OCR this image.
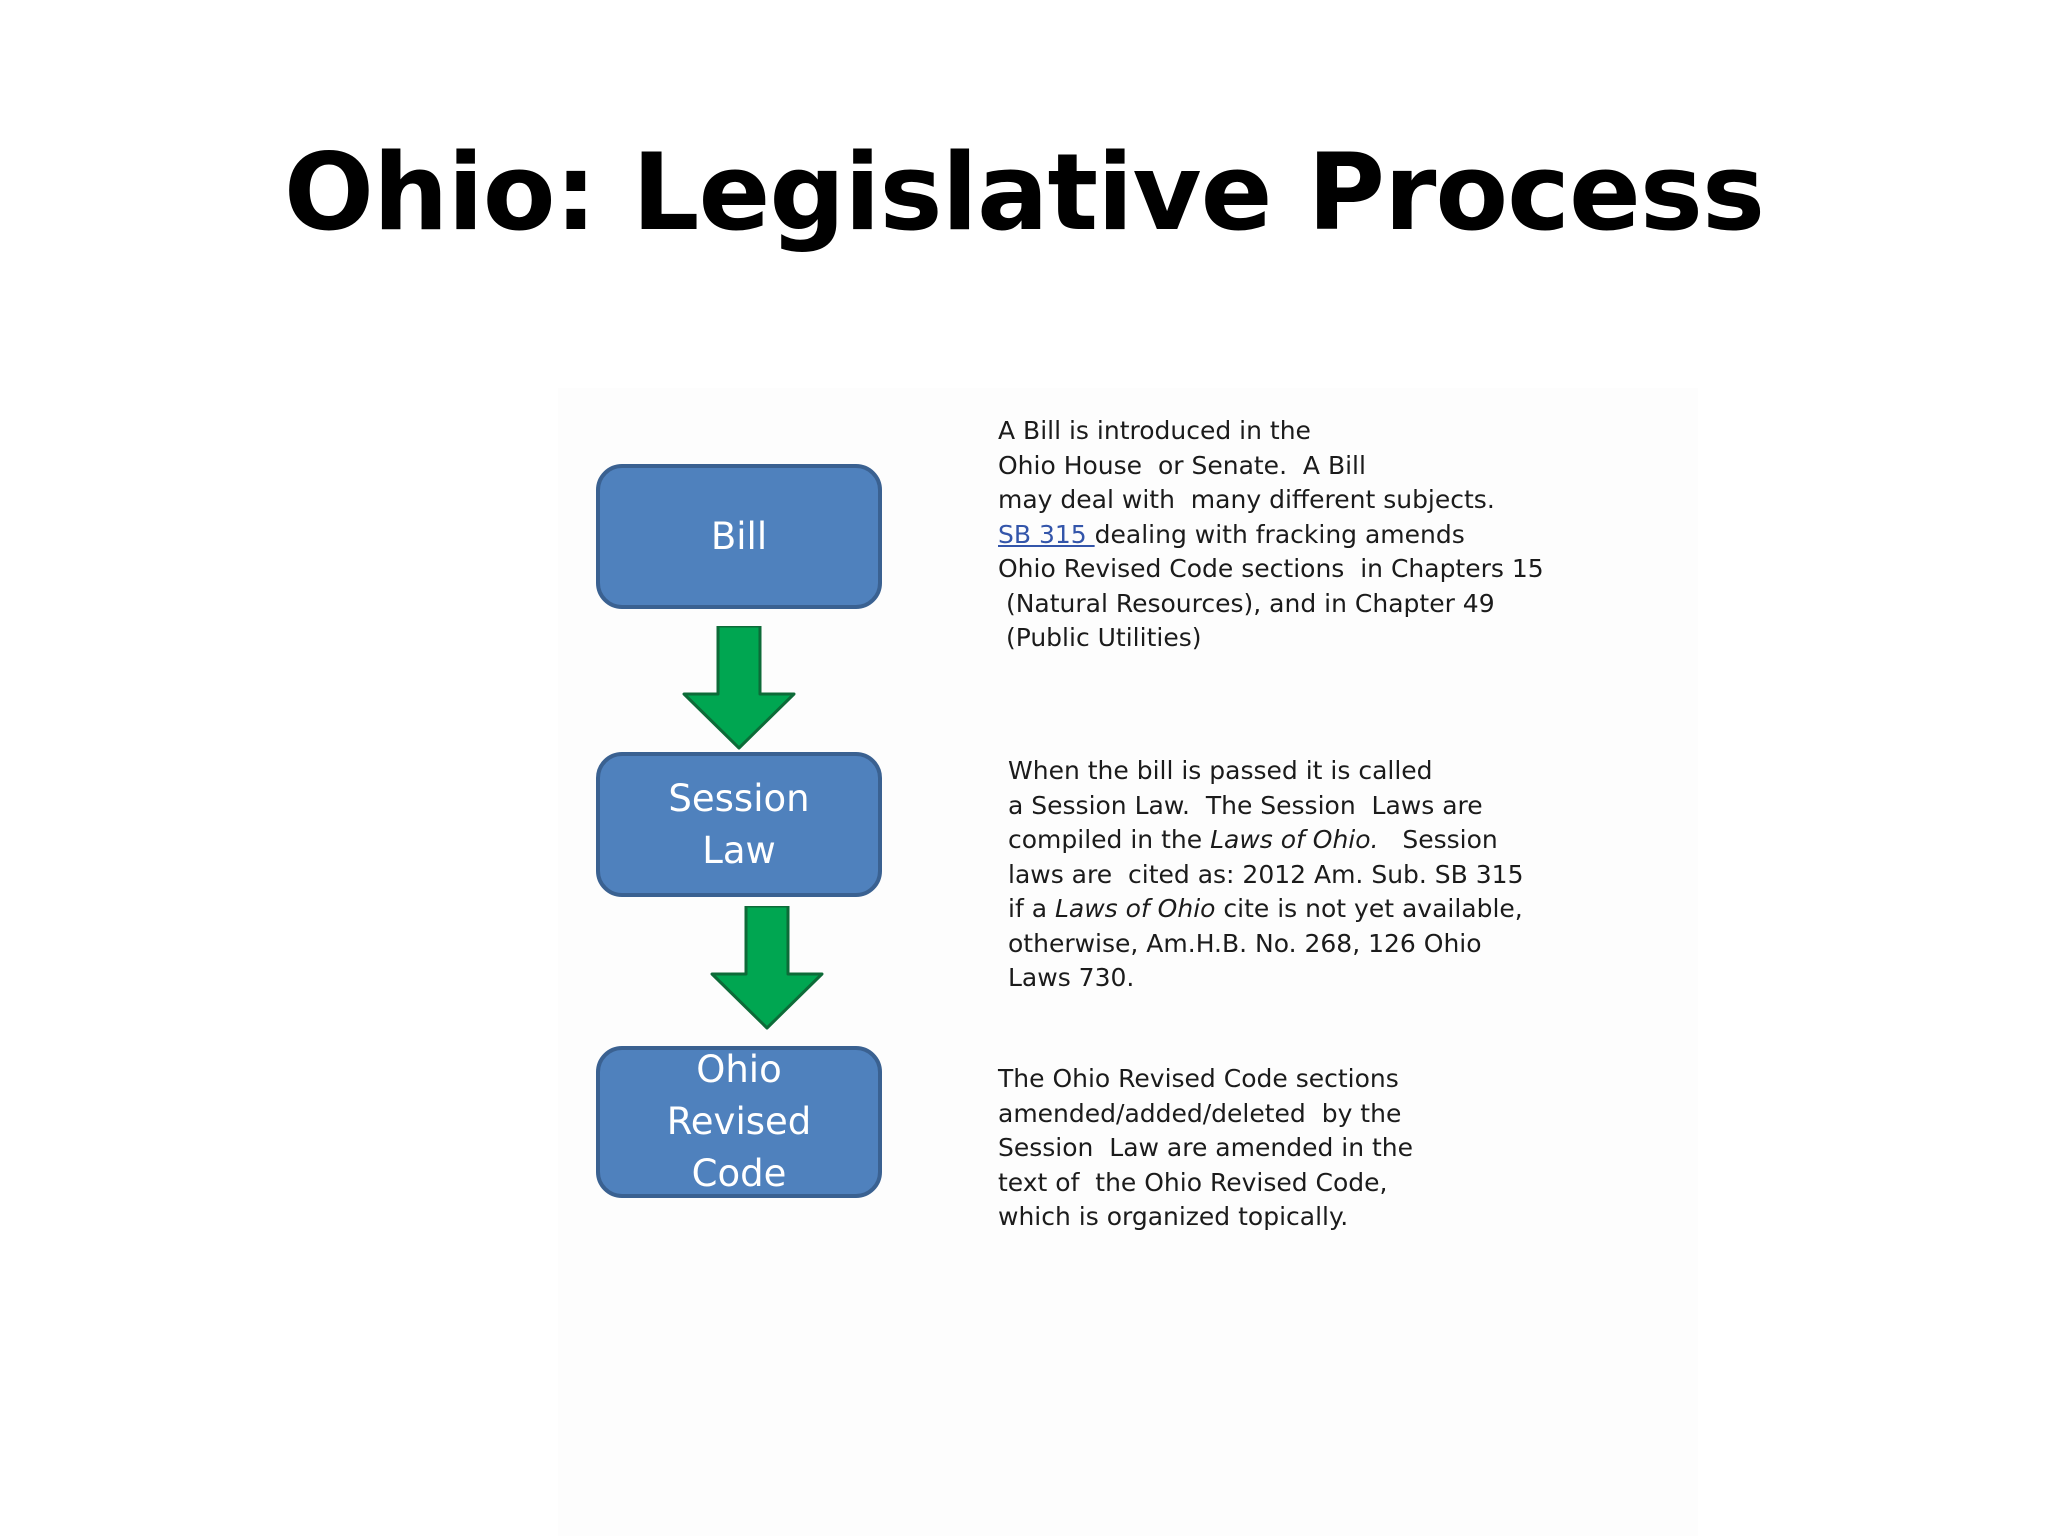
Ohio: Legislative Process
Bill
Session
Law
Ohio
Revised
Code
A Bill is introduced in the
Ohio House  or Senate.  A Bill
may deal with  many different subjects.
SB 315 dealing with fracking amends
Ohio Revised Code sections  in Chapters 15
(Natural Resources), and in Chapter 49
(Public Utilities)
When the bill is passed it is called
a Session Law.  The Session  Laws are
compiled in the Laws of Ohio.   Session
laws are  cited as: 2012 Am. Sub. SB 315
if a Laws of Ohio cite is not yet available,
otherwise, Am.H.B. No. 268, 126 Ohio
Laws 730.
The Ohio Revised Code sections
amended/added/deleted  by the
Session  Law are amended in the
text of  the Ohio Revised Code,
which is organized topically.
